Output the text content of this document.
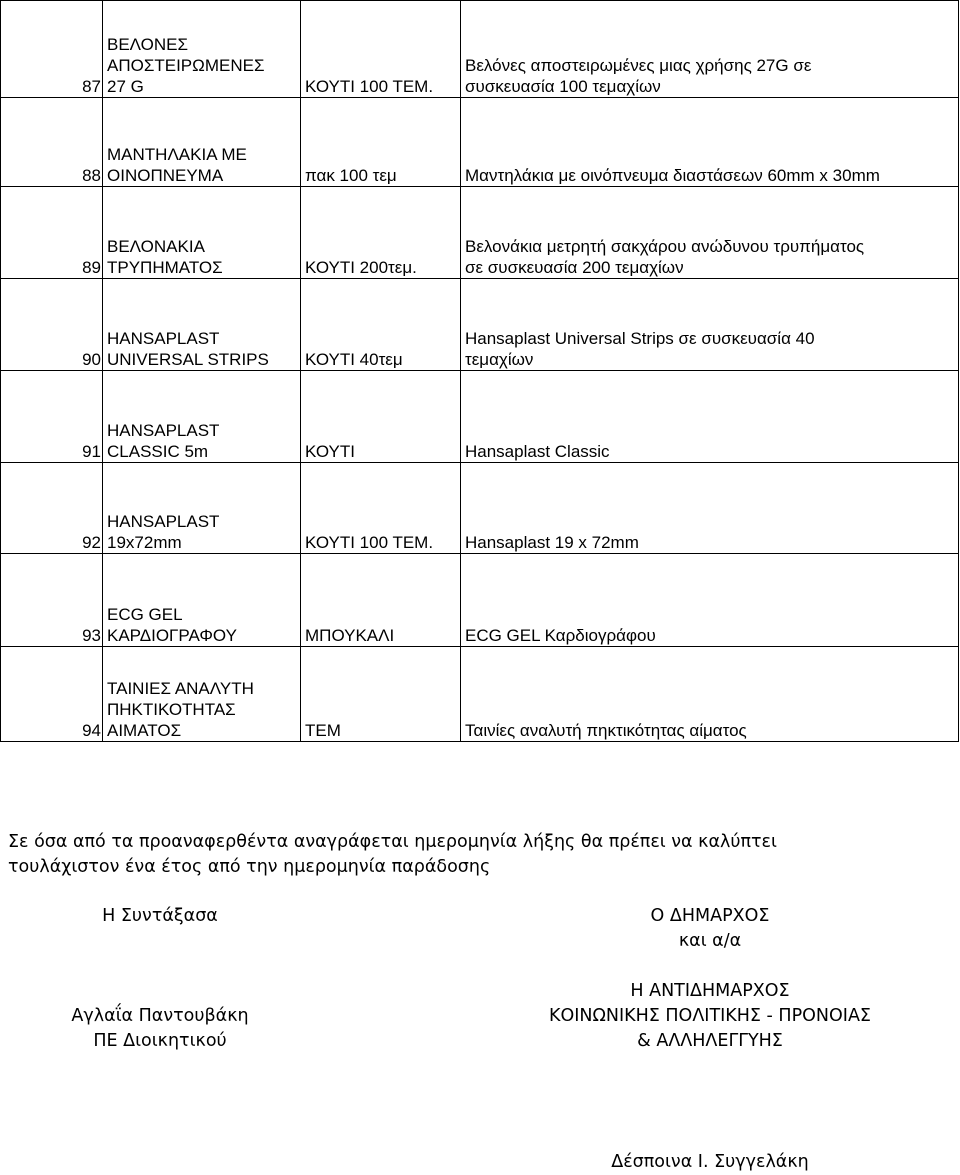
87	ΒΕΛΟΝΕΣ
ΑΠΟΣΤΕΙΡΩΜΕΝΕΣ
27 G	ΚΟΥΤΙ 100 ΤΕΜ.	Βελόνες αποστειρωμένες μιας χρήσης 27G σε
συσκευασία 100 τεμαχίων
88	ΜΑΝΤΗΛΑΚΙΑ ΜΕ
ΟΙΝΟΠΝΕΥΜΑ	πακ 100 τεμ	Μαντηλάκια με οινόπνευμα διαστάσεων 60mm x 30mm
89	ΒΕΛΟΝΑΚΙΑ
ΤΡΥΠΗΜΑΤΟΣ	ΚΟΥΤΙ 200τεμ.	Βελονάκια μετρητή σακχάρου ανώδυνου τρυπήματος
σε συσκευασία 200 τεμαχίων
90	HANSAPLAST
UNIVERSAL STRIPS	ΚΟΥΤΙ 40τεμ	Hansaplast Universal Strips σε συσκευασία 40
τεμαχίων
91	HANSAPLAST
CLASSIC 5m	ΚΟΥΤΙ	Hansaplast Classic
92	HANSAPLAST
19x72mm	ΚΟΥΤΙ 100 ΤΕΜ.	Hansaplast 19 x 72mm
93	ECG GEL
ΚΑΡΔΙΟΓΡΑΦΟΥ	ΜΠΟΥΚΑΛΙ	ECG GEL Καρδιογράφου
94	ΤΑΙΝΙΕΣ ΑΝΑΛΥΤΗ
ΠΗΚΤΙΚΟΤΗΤΑΣ
ΑΙΜΑΤΟΣ	ΤΕΜ	Ταινίες αναλυτή πηκτικότητας αίματος

Σε όσα από τα προαναφερθέντα αναγράφεται ημερομηνία λήξης θα πρέπει να καλύπτει
τουλάχιστον ένα έτος από την ημερομηνία παράδοσης

Η Συντάξασα
Αγλαΐα Παντουβάκη
ΠΕ Διοικητικού
Ο ΔΗΜΑΡΧΟΣ
και α/α
Η ΑΝΤΙΔΗΜΑΡΧΟΣ
ΚΟΙΝΩΝΙΚΗΣ ΠΟΛΙΤΙΚΗΣ - ΠΡΟΝΟΙΑΣ
& ΑΛΛΗΛΕΓΓΥΗΣ

Δέσποινα Ι. Συγγελάκη
